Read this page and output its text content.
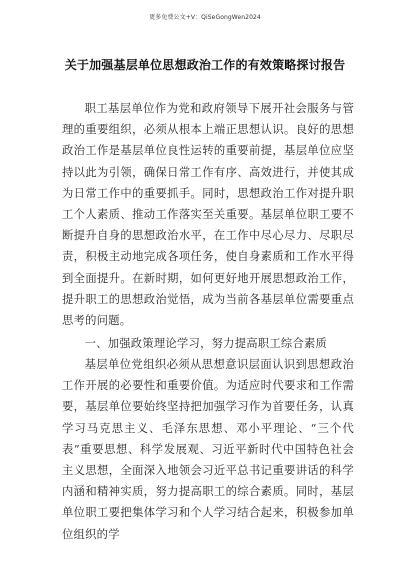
更多免费公文+V：QiSeGongWen2024
关于加强基层单位思想政治工作的有效策略探讨报告

职工基层单位作为党和政府领导下展开社会服务与管理的重要组织，必须从根本上端正思想认识。良好的思想政治工作是基层单位良性运转的重要前提，基层单位应坚持以此为引领，确保日常工作有序、高效进行，并使其成为日常工作中的重要抓手。同时，思想政治工作对提升职工个人素质、推动工作落实至关重要。基层单位职工要不断提升自身的思想政治水平，在工作中尽心尽力、尽职尽责，积极主动地完成各项任务，使自身素质和工作水平得到全面提升。在新时期，如何更好地开展思想政治工作，提升职工的思想政治觉悟，成为当前各基层单位需要重点思考的问题。

一、加强政策理论学习，努力提高职工综合素质

基层单位党组织必须从思想意识层面认识到思想政治工作开展的必要性和重要价值。为适应时代要求和工作需要，基层单位要始终坚持把加强学习作为首要任务，认真学习马克思主义、毛泽东思想、邓小平理论、“三个代表”重要思想、科学发展观、习近平新时代中国特色社会主义思想，全面深入地领会习近平总书记重要讲话的科学内涵和精神实质，努力提高职工的综合素质。同时，基层单位职工要把集体学习和个人学习结合起来，积极参加单位组织的学
